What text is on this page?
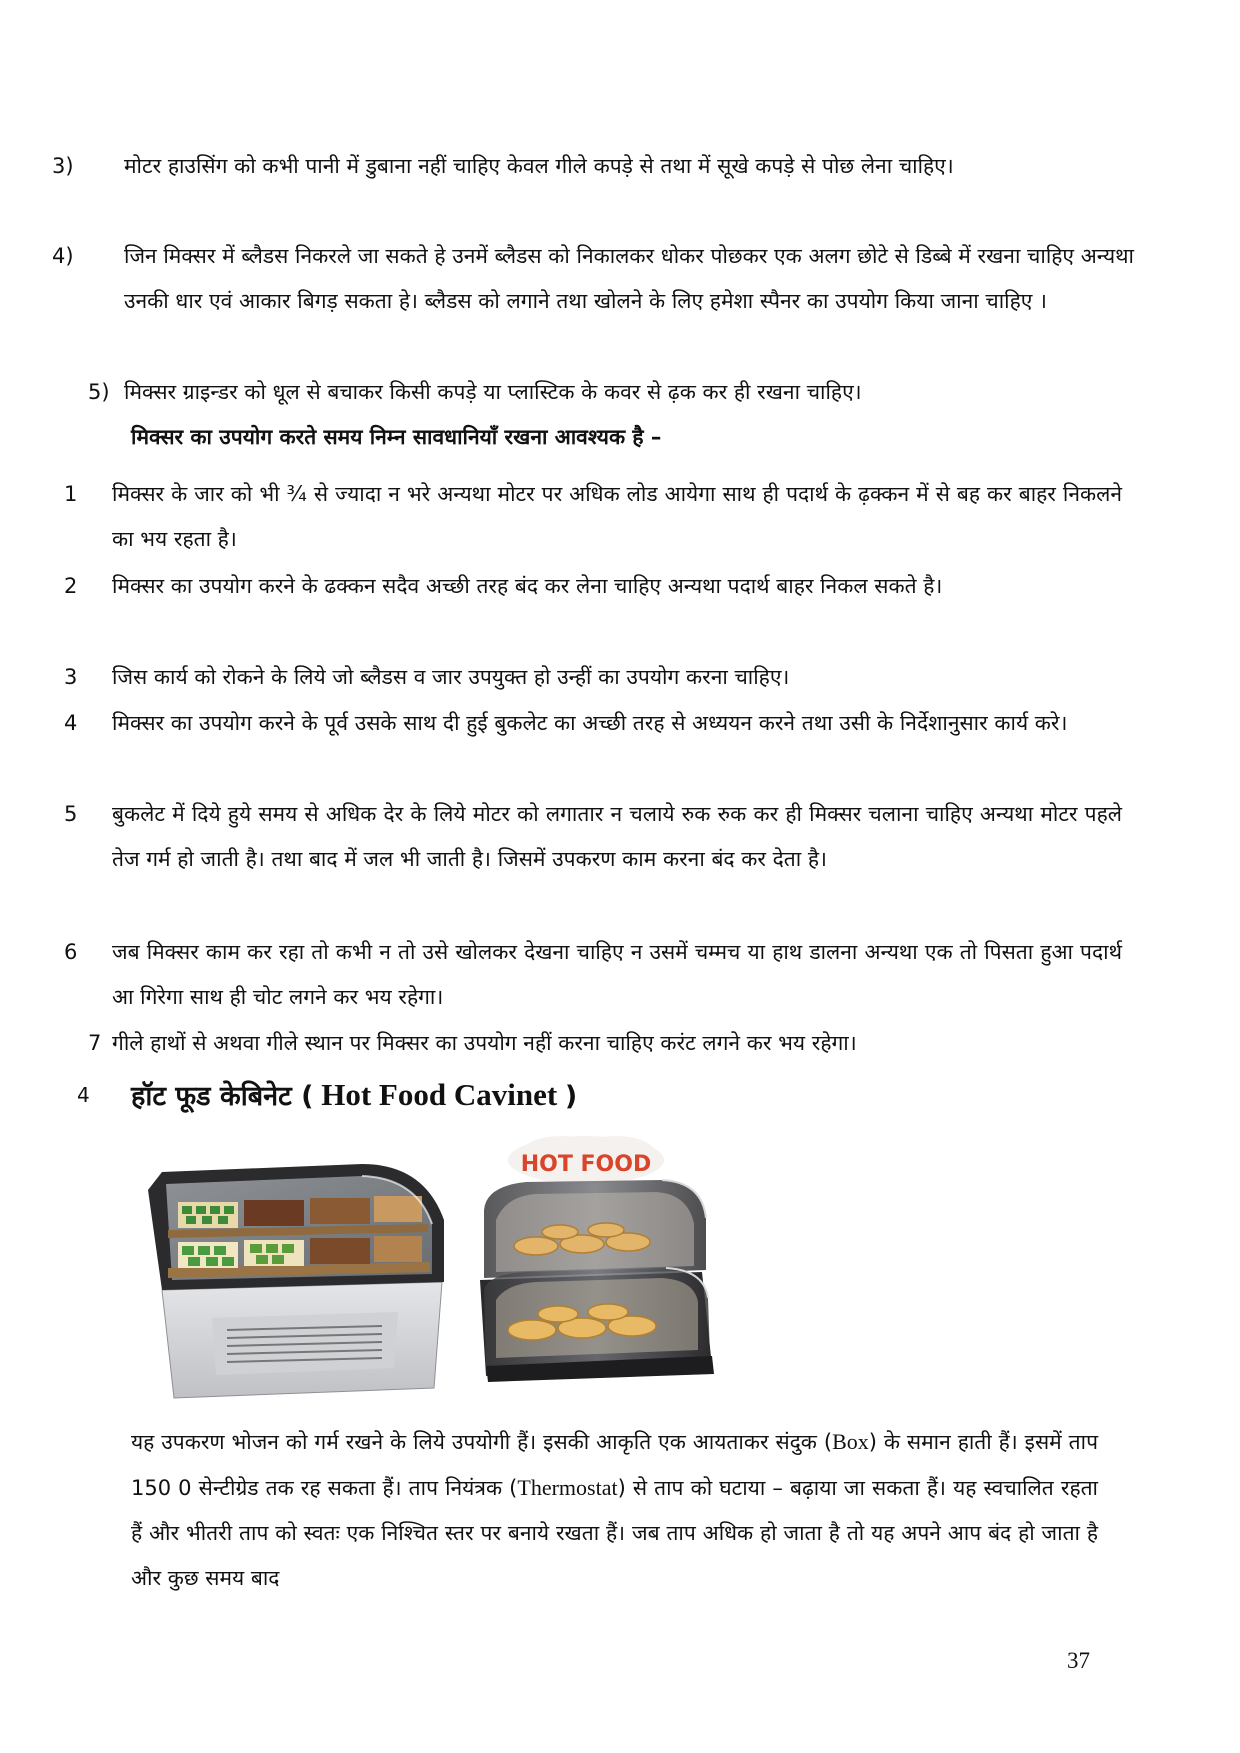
3) मोटर हाउसिंग को कभी पानी में डुबाना नहीं चाहिए केवल गीले कपड़े से तथा में सूखे कपड़े से पोछ लेना चाहिए।
4) जिन मिक्सर में ब्लैडस निकरले जा सकते हे उनमें ब्लैडस को निकालकर धोकर पोछकर एक अलग छोटे से डिब्बे में रखना चाहिए अन्यथा उनकी धार एवं आकार बिगड़ सकता हे। ब्लैडस को लगाने तथा खोलने के लिए हमेशा स्पैनर का उपयोग किया जाना चाहिए ।
5) मिक्सर ग्राइन्डर को धूल से बचाकर किसी कपड़े या प्लास्टिक के कवर से ढ़क कर ही रखना चाहिए।
मिक्सर का उपयोग करते समय निम्न सावधानियॉं रखना आवश्यक है –
1 मिक्सर के जार को भी ¾ से ज्यादा न भरे अन्यथा मोटर पर अधिक लोड आयेगा साथ ही पदार्थ के ढ़क्कन में से बह कर बाहर निकलने का भय रहता है।
2 मिक्सर का उपयोग करने के ढक्कन सदैव अच्छी तरह बंद कर लेना चाहिए अन्यथा पदार्थ बाहर निकल सकते है।
3 जिस कार्य को रोकने के लिये जो ब्लैडस व जार उपयुक्त हो उन्हीं का उपयोग करना चाहिए।
4 मिक्सर का उपयोग करने के पूर्व उसके साथ दी हुई बुकलेट का अच्छी तरह से अध्ययन करने तथा उसी के निर्देशानुसार कार्य करे।
5 बुकलेट में दिये हुये समय से अधिक देर के लिये मोटर को लगातार न चलाये रुक रुक कर ही मिक्सर चलाना चाहिए अन्यथा मोटर पहले तेज गर्म हो जाती है। तथा बाद में जल भी जाती है। जिसमें उपकरण काम करना बंद कर देता है।
6 जब मिक्सर काम कर रहा तो कभी न तो उसे खोलकर देखना चाहिए न उसमें चम्मच या हाथ डालना अन्यथा एक तो पिसता हुआ पदार्थ आ गिरेगा साथ ही चोट लगने कर भय रहेगा।
7 गीले हाथों से अथवा गीले स्थान पर मिक्सर का उपयोग नहीं करना चाहिए करंट लगने कर भय रहेगा।
4 हॉट फूड केबिनेट ( Hot Food Cavinet )
HOT FOOD
यह उपकरण भोजन को गर्म रखने के लिये उपयोगी हैं। इसकी आकृति एक आयताकर संदुक (Box) के समान हाती हैं। इसमें ताप 150 0 सेन्टीग्रेड तक रह सकता हैं। ताप नियंत्रक (Thermostat) से ताप को घटाया – बढ़ाया जा सकता हैं। यह स्वचालित रहता हैं और भीतरी ताप को स्वतः एक निश्चित स्तर पर बनाये रखता हैं। जब ताप अधिक हो जाता है तो यह अपने आप बंद हो जाता है और कुछ समय बाद
37
